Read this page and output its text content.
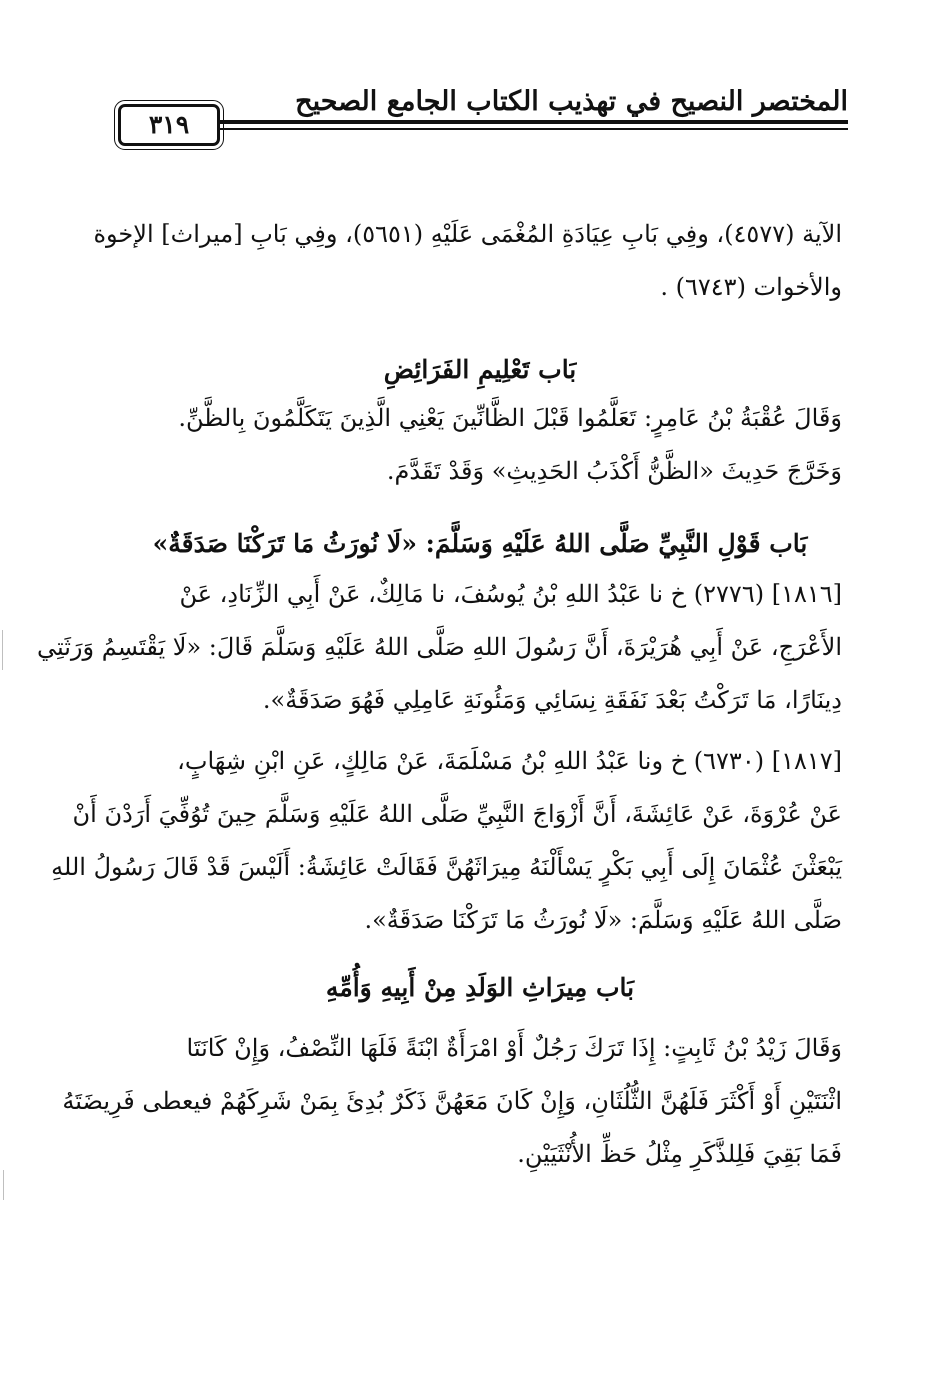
المختصر النصيح في تهذيب الكتاب الجامع الصحيح
٣١٩
الآية (٤٥٧٧)، وفِي بَابِ عِيَادَةِ المُغْمَى عَلَيْهِ (٥٦٥١)، وفِي بَابِ [ميراث] الإخوة
والأخوات (٦٧٤٣) .
بَاب تَعْلِيمِ الفَرَائِضِ
وَقَالَ عُقْبَةُ بْنُ عَامِرٍ: تَعَلَّمُوا قَبْلَ الظَّانِّينَ يَعْنِي الَّذِينَ يَتَكَلَّمُونَ بِالظَّنِّ.
وَخَرَّجَ حَدِيثَ «الظَّنُّ أَكْذَبُ الحَدِيثِ» وَقَدْ تَقَدَّمَ.
بَاب قَوْلِ النَّبِيِّ صَلَّى اللهُ عَلَيْهِ وَسَلَّمَ: «لَا نُورَثُ مَا تَرَكْنَا صَدَقَةٌ»
[١٨١٦] (٢٧٧٦) خ نا عَبْدُ اللهِ بْنُ يُوسُفَ، نا مَالِكٌ، عَنْ أَبِي الزِّنَادِ، عَنْ
الأَعْرَجِ، عَنْ أَبِي هُرَيْرَةَ، أَنَّ رَسُولَ اللهِ صَلَّى اللهُ عَلَيْهِ وَسَلَّمَ قَالَ: «لَا يَقْتَسِمُ وَرَثَتِي
دِينَارًا، مَا تَرَكْتُ بَعْدَ نَفَقَةِ نِسَائِي وَمَئُونَةِ عَامِلِي فَهُوَ صَدَقَةٌ».
[١٨١٧] (٦٧٣٠) خ ونا عَبْدُ اللهِ بْنُ مَسْلَمَةَ، عَنْ مَالِكٍ، عَنِ ابْنِ شِهَابٍ،
عَنْ عُرْوَةَ، عَنْ عَائِشَةَ، أَنَّ أَزْوَاجَ النَّبِيِّ صَلَّى اللهُ عَلَيْهِ وَسَلَّمَ حِينَ تُوُفِّيَ أَرَدْنَ أَنْ
يَبْعَثْنَ عُثْمَانَ إِلَى أَبِي بَكْرٍ يَسْأَلْنَهُ مِيرَاثَهُنَّ فَقَالَتْ عَائِشَةُ: أَلَيْسَ قَدْ قَالَ رَسُولُ اللهِ
صَلَّى اللهُ عَلَيْهِ وَسَلَّمَ: «لَا نُورَثُ مَا تَرَكْنَا صَدَقَةٌ».
بَاب مِيرَاثِ الوَلَدِ مِنْ أَبِيهِ وَأُمِّهِ
وَقَالَ زَيْدُ بْنُ ثَابِتٍ: إِذَا تَرَكَ رَجُلٌ أَوْ امْرَأَةٌ ابْنَةً فَلَهَا النِّصْفُ، وَإِنْ كَانَتَا
اثْنَتَيْنِ أَوْ أَكْثَرَ فَلَهُنَّ الثُّلُثَانِ، وَإِنْ كَانَ مَعَهُنَّ ذَكَرٌ بُدِئَ بِمَنْ شَرِكَهُمْ فيعطى فَرِيضَتَهُ
فَمَا بَقِيَ فَلِلذَّكَرِ مِثْلُ حَظِّ الأُنْثَيَيْنِ.
